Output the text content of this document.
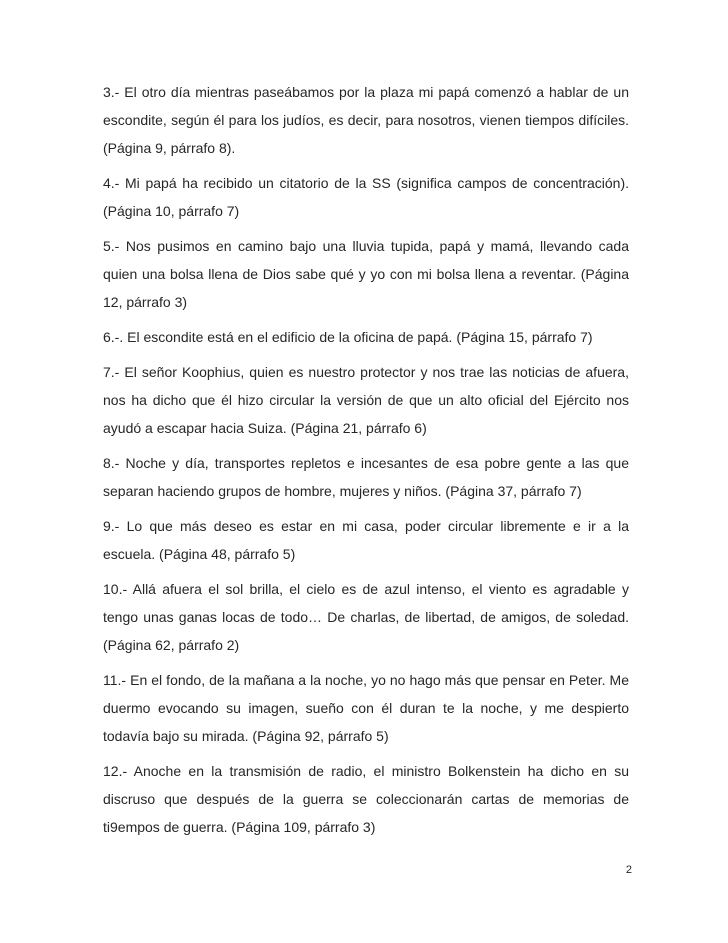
3.- El otro día mientras paseábamos por la plaza mi papá comenzó a hablar de un escondite, según él para los judíos, es decir, para nosotros, vienen tiempos difíciles. (Página 9, párrafo 8).

4.- Mi papá ha recibido un citatorio de la SS (significa campos de concentración). (Página 10, párrafo 7)

5.- Nos pusimos en camino bajo una lluvia tupida, papá y mamá, llevando cada quien una bolsa llena de Dios sabe qué y yo con mi bolsa llena a reventar. (Página 12, párrafo 3)

6.-. El escondite está en el edificio de la oficina de papá. (Página 15, párrafo 7)

7.- El señor Koophius, quien es nuestro protector y nos trae las noticias de afuera, nos ha dicho que él hizo circular la versión de que un alto oficial del Ejército nos ayudó a escapar hacia Suiza. (Página 21, párrafo 6)

8.- Noche y día, transportes repletos e incesantes de esa pobre gente a las que separan haciendo grupos de hombre, mujeres y niños. (Página 37, párrafo 7)

9.- Lo que más deseo es estar en mi casa, poder circular libremente e ir a la escuela. (Página 48, párrafo 5)

10.- Allá afuera el sol brilla, el cielo es de azul intenso, el viento es agradable y tengo unas ganas locas de todo… De charlas, de libertad, de amigos, de soledad. (Página 62, párrafo 2)

11.- En el fondo, de la mañana a la noche, yo no hago más que pensar en Peter. Me duermo evocando su imagen, sueño con él duran te la noche, y me despierto todavía bajo su mirada. (Página 92, párrafo 5)

12.- Anoche en la transmisión de radio, el ministro Bolkenstein ha dicho en su discruso que después de la guerra se coleccionarán cartas de memorias de ti9empos de guerra. (Página 109, párrafo 3)

2
